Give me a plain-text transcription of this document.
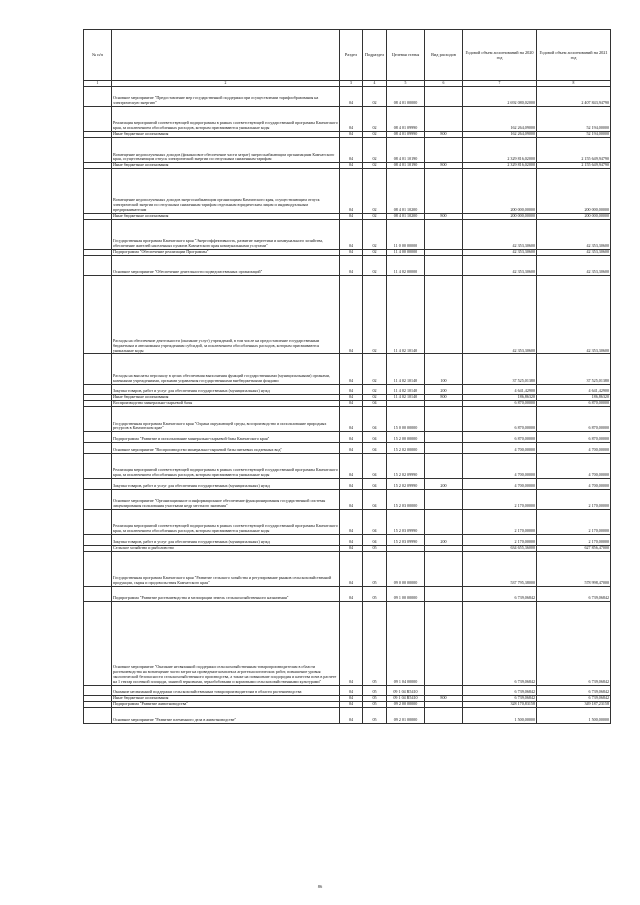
№ п/п		Раздел	Подраздел	Целевая статья	Вид расходов	Годовой объем ассигнований на 2020 год	Годовой объем ассигнований на 2021 год
1	2	3	4	5	6	7	8
	Основное мероприятие "Предоставление мер государственной поддержки при осуществлении тарифообразования на электрическую энергию"	04	02	08 4 01 00000		2 692 080,02000	2 407 843,94790
	Реализация мероприятий соответствующей подпрограммы в рамках соответствующей государственной программы Камчатского края, за исключением обособленных расходов, которым присваиваются уникальные коды	04	02	08 4 01 09990		162 264,09000	52 194,00000
	Иные бюджетные ассигнования	04	02	08 4 01 09990	800	162 264,09000	52 194,00000
	Возмещение недополученных доходов (финансовое обеспечение части затрат) энергоснабжающим организациям Камчатского края, осуществляющим отпуск электрической энергии по отпускным сниженным тарифам	04	02	08 4 01 10190		2 329 816,02000	2 155 649,94790
	Иные бюджетные ассигнования	04	02	08 4 01 10190	800	2 329 816,02000	2 155 649,94790
	Возмещение недополученных доходов энергоснабжающим организациям Камчатского края, осуществляющим отпуск электрической энергии по отпускным сниженным тарифам отдельным юридическим лицам и индивидуальным предпринимателям	04	02	08 4 01 10200		200 000,00000	200 000,00000
	Иные бюджетные ассигнования	04	02	08 4 01 10200	800	200 000,00000	200 000,00000
	Государственная программа Камчатского края "Энергоэффективность, развитие энергетики и коммунального хозяйства, обеспечение жителей населенных пунктов Камчатского края коммунальными услугами"	04	02	11 0 00 00000		42 353,30600	42 353,30600
	Подпрограмма "Обеспечение реализации Программы"	04	02	11 4 00 00000		42 353,30600	42 353,30600
	Основное мероприятие "Обеспечение деятельности подведомственных организаций"	04	02	11 4 02 00000		42 353,30600	42 353,30600
	Расходы на обеспечение деятельности (оказание услуг) учреждений, в том числе на предоставление государственным бюджетным и автономным учреждениям субсидий, за исключением обособленных расходов, которым присваиваются уникальные коды	04	02	11 4 02 10140		42 353,30600	42 353,30600
	Расходы на выплаты персоналу в целях обеспечения выполнения функций государственными (муниципальными) органами, казенными учреждениями, органами управления государственными внебюджетными фондами	04	02	11 4 02 10140	100	37 525,01380	37 525,01380
	Закупка товаров, работ и услуг для обеспечения государственных (муниципальных) нужд	04	02	11 4 02 10140	200	4 641,42900	4 641,42900
	Иные бюджетные ассигнования	04	02	11 4 02 10140	800	186,86320	186,86320
	Воспроизводство минерально-сырьевой базы	04	04			6 870,00000	6 870,00000
	Государственная программа Камчатского края "Охрана окружающей среды, воспроизводство и использование природных ресурсов в Камчатском крае"	04	04	15 0 00 00000		6 870,00000	6 870,00000
	Подпрограмма "Развитие и использование минерально-сырьевой базы Камчатского края"	04	04	15 2 00 00000		6 870,00000	6 870,00000
	Основное мероприятие "Воспроизводство минерально-сырьевой базы питьевых подземных вод"	04	04	15 2 02 00000		4 700,00000	4 700,00000
	Реализация мероприятий соответствующей подпрограммы в рамках соответствующей государственной программы Камчатского края, за исключением обособленных расходов, которым присваиваются уникальные коды	04	04	15 2 02 09990		4 700,00000	4 700,00000
	Закупка товаров, работ и услуг для обеспечения государственных (муниципальных) нужд	04	04	15 2 02 09990	200	4 700,00000	4 700,00000
	Основное мероприятие "Организационное и информационное обеспечение функционирования государственной системы лицензирования пользования участками недр местного значения"	04	04	15 2 03 00000		2 170,00000	2 170,00000
	Реализация мероприятий соответствующей подпрограммы в рамках соответствующей государственной программы Камчатского края, за исключением обособленных расходов, которым присваиваются уникальные коды	04	04	15 2 03 09990		2 170,00000	2 170,00000
	Закупка товаров, работ и услуг для обеспечения государственных (муниципальных) нужд	04	04	15 2 03 09990	200	2 170,00000	2 170,00000
	Сельское хозяйство и рыболовство	04	05			634 655,36000	627 856,47000
	Государственная программа Камчатского края "Развитие сельского хозяйства и регулирование рынков сельскохозяйственной продукции, сырья и продовольствия Камчатского края"	04	05	09 0 00 00000		537 795,38000	578 998,47000
	Подпрограмма "Развитие растениеводства и мелиорации земель сельскохозяйственного назначения"	04	05	09 1 00 00000		6 739,06842	6 739,06842
	Основное мероприятие "Оказание несвязанной поддержки сельскохозяйственным товаропроизводителям в области растениеводства на возмещение части затрат на проведение комплекса агротехнологических работ, повышение уровня экологической безопасности сельскохозяйственного производства, а также на повышение плодородия и качества почв в расчете на 1 гектар посевной площади, занятой зерновыми, зернобобовыми и кормовыми сельскохозяйственными культурами"	04	05	09 1 04 00000		6 739,06842	6 739,06842
	Оказание несвязанной поддержки сельскохозяйственным товаропроизводителям в области растениеводства	04	05	09 1 04 R5410		6 739,06842	6 739,06842
	Иные бюджетные ассигнования	04	05	09 1 04 R5410	800	6 739,06842	6 739,06842
	Подпрограмма "Развитие животноводства"	04	05	09 2 00 00000		328 170,83158	349 187,23158
	Основное мероприятие "Развитие племенного дела в животноводстве"	04	05	09 2 01 00000		1 500,00000	1 500,00000
86
